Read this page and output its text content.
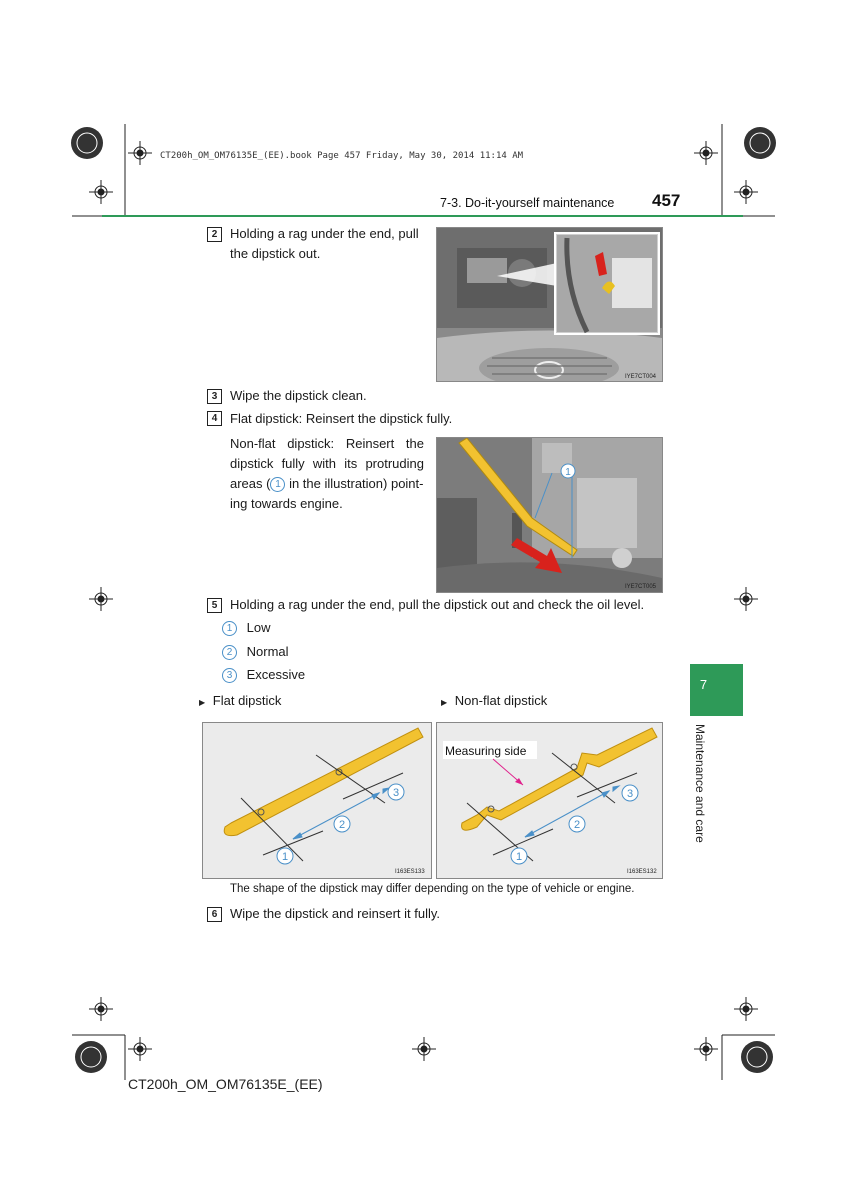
CT200h_OM_OM76135E_(EE).book Page 457 Friday, May 30, 2014 11:14 AM
7-3. Do-it-yourself maintenance 457
7
Maintenance and care
2 Holding a rag under the end, pull
the dipstick out.
IYE7CT004
3 Wipe the dipstick clean.
4 Flat dipstick: Reinsert the dipstick fully.
Non-flat dipstick: Reinsert the
dipstick fully with its protruding
areas ( 1 in the illustration) point-
ing towards engine.
1
IYE7CT005
5 Holding a rag under the end, pull the dipstick out and check the oil level.
1 Low
2 Normal
3 Excessive
▶ Flat dipstick	▶ Non-flat dipstick
2
3
1
I163ES133
Measuring side
2
3
1
I163ES132
The shape of the dipstick may differ depending on the type of vehicle or engine.
6 Wipe the dipstick and reinsert it fully.
CT200h_OM_OM76135E_(EE)
